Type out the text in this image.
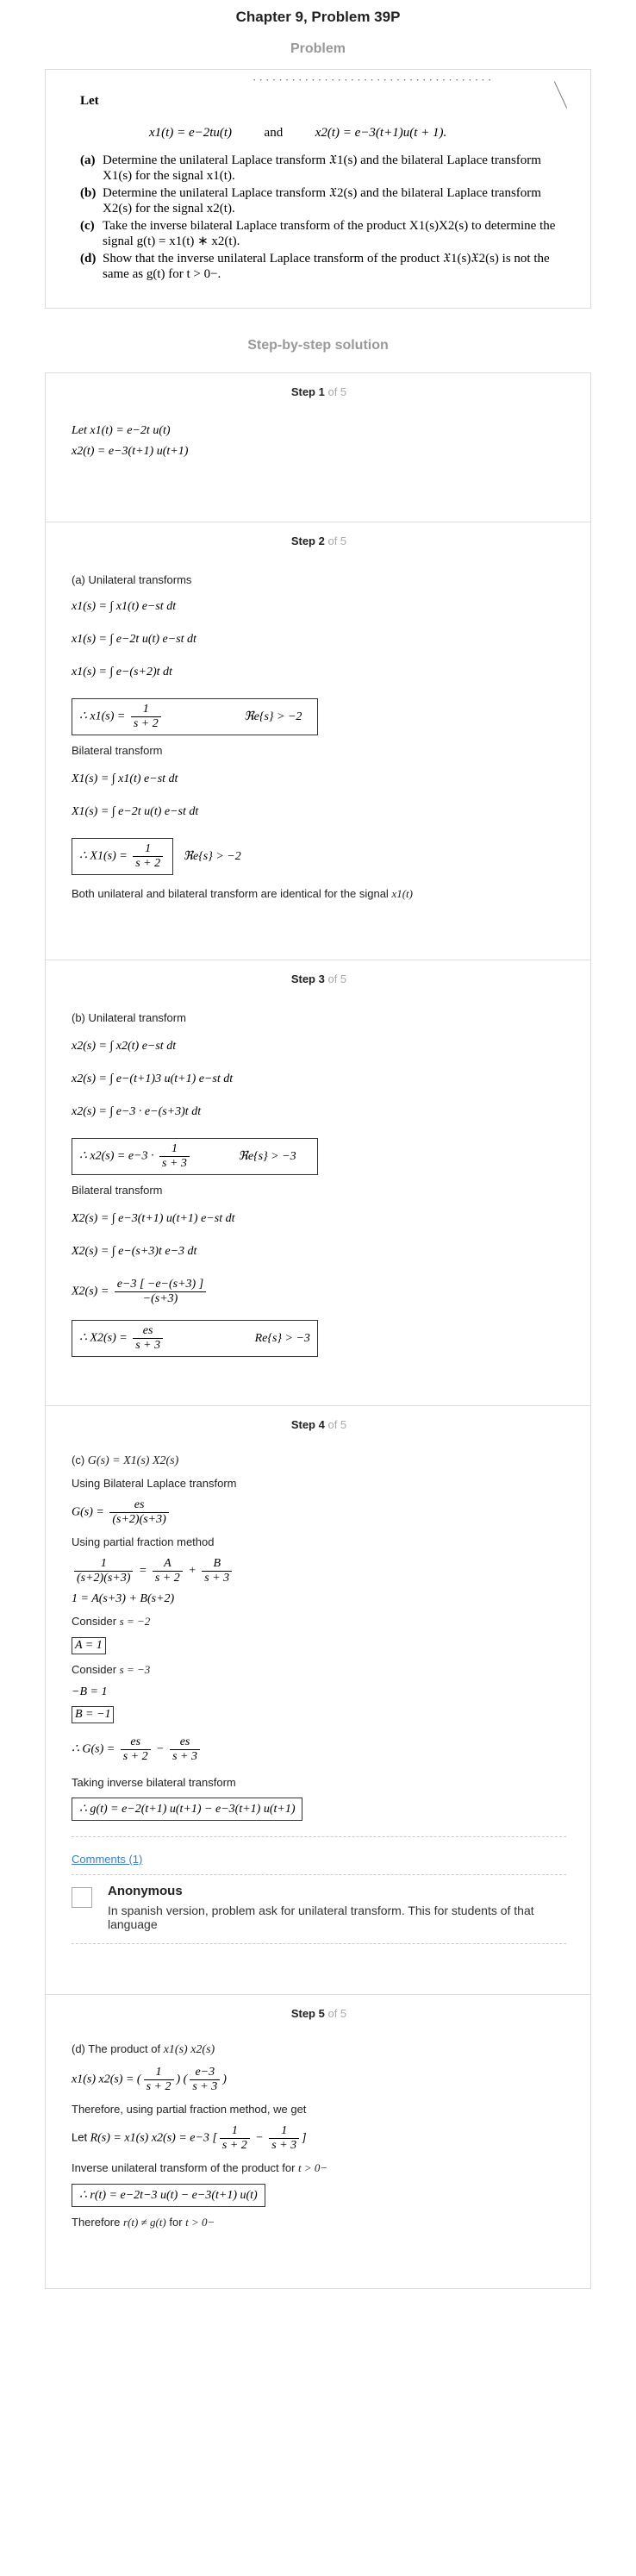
Chapter 9, Problem 39P
Problem
· · · · · · · · · · · · · · · · · · · · · · · · · · · · · · · · · · · · ·
Let
x1(t) = e−2tu(t)	and	x2(t) = e−3(t+1)u(t + 1).
(a) Determine the unilateral Laplace transform 𝔛1(s) and the bilateral Laplace transform X1(s) for the signal x1(t).
(b) Determine the unilateral Laplace transform 𝔛2(s) and the bilateral Laplace transform X2(s) for the signal x2(t).
(c) Take the inverse bilateral Laplace transform of the product X1(s)X2(s) to determine the signal g(t) = x1(t) ∗ x2(t).
(d) Show that the inverse unilateral Laplace transform of the product 𝔛1(s)𝔛2(s) is not the same as g(t) for t > 0−.
Step-by-step solution
Step 1 of 5
Let x1(t) = e−2t u(t)
x2(t) = e−3(t+1) u(t+1)
Step 2 of 5
(a) Unilateral transforms
x1(s) = ∫ x1(t) e−st dt
x1(s) = ∫ e−2t u(t) e−st dt
x1(s) = ∫ e−(s+2)t dt
∴ $x1(s) = \frac{1}{s + 2}$	ℜe{s} > −2
Bilateral transform
X1(s) = ∫ x1(t) e−st dt
X1(s) = ∫ e−2t u(t) e−st dt
∴ $X1(s) = \frac{1}{s + 2}$ ℜe{s} > −2
Both unilateral and bilateral transform are identical for the signal x1(t)
Step 3 of 5
(b) Unilateral transform
x2(s) = ∫ x2(t) e−st dt
x2(s) = ∫ e−(t+1)3 u(t+1) e−st dt
x2(s) = ∫ e−3 · e−(s+3)t dt
∴ $x2(s) = e-3 \cdot \frac{1}{s + 3}$	ℜe{s} > −3
Bilateral transform
X2(s) = ∫ e−3(t+1) u(t+1) e−st dt
X2(s) = ∫ e−(s+3)t e−3 dt
$X2(s) = \frac{e-3 [ -e-(s+3) ]}{-(s+3)}$
∴ $X2(s) = \frac{es}{s + 3}$	Re{s} > −3
Step 4 of 5
(c) G(s) = X1(s) X2(s)
Using Bilateral Laplace transform
$G(s) = \frac{es}{(s+2)(s+3)}$
Using partial fraction method
$\frac{1}{(s+2)(s+3)} = \frac{A}{s + 2} + \frac{B}{s + 3}$
1 = A(s+3) + B(s+2)
Consider s = −2
A = 1
Consider s = −3
−B = 1
B = −1
∴ $G(s) = \frac{es}{s + 2} - \frac{es}{s + 3}$
Taking inverse bilateral transform
∴ g(t) = e−2(t+1) u(t+1) − e−3(t+1) u(t+1)
Comments (1)
Anonymous
In spanish version, problem ask for unilateral transform. This for students of that language
Step 5 of 5
(d) The product of x1(s) x2(s)
x1(s) x2(s) = ( $\frac{1}{s + 2}$ ) ( $\frac{e-3}{s + 3}$ )
Therefore, using partial fraction method, we get
Let R(s) = x1(s) x2(s) = e−3 [ $\frac{1}{s + 2} - \frac{1}{s + 3}$ ]
Inverse unilateral transform of the product for t > 0−
∴ r(t) = e−2t−3 u(t) − e−3(t+1) u(t)
Therefore r(t) ≠ g(t) for t > 0−
